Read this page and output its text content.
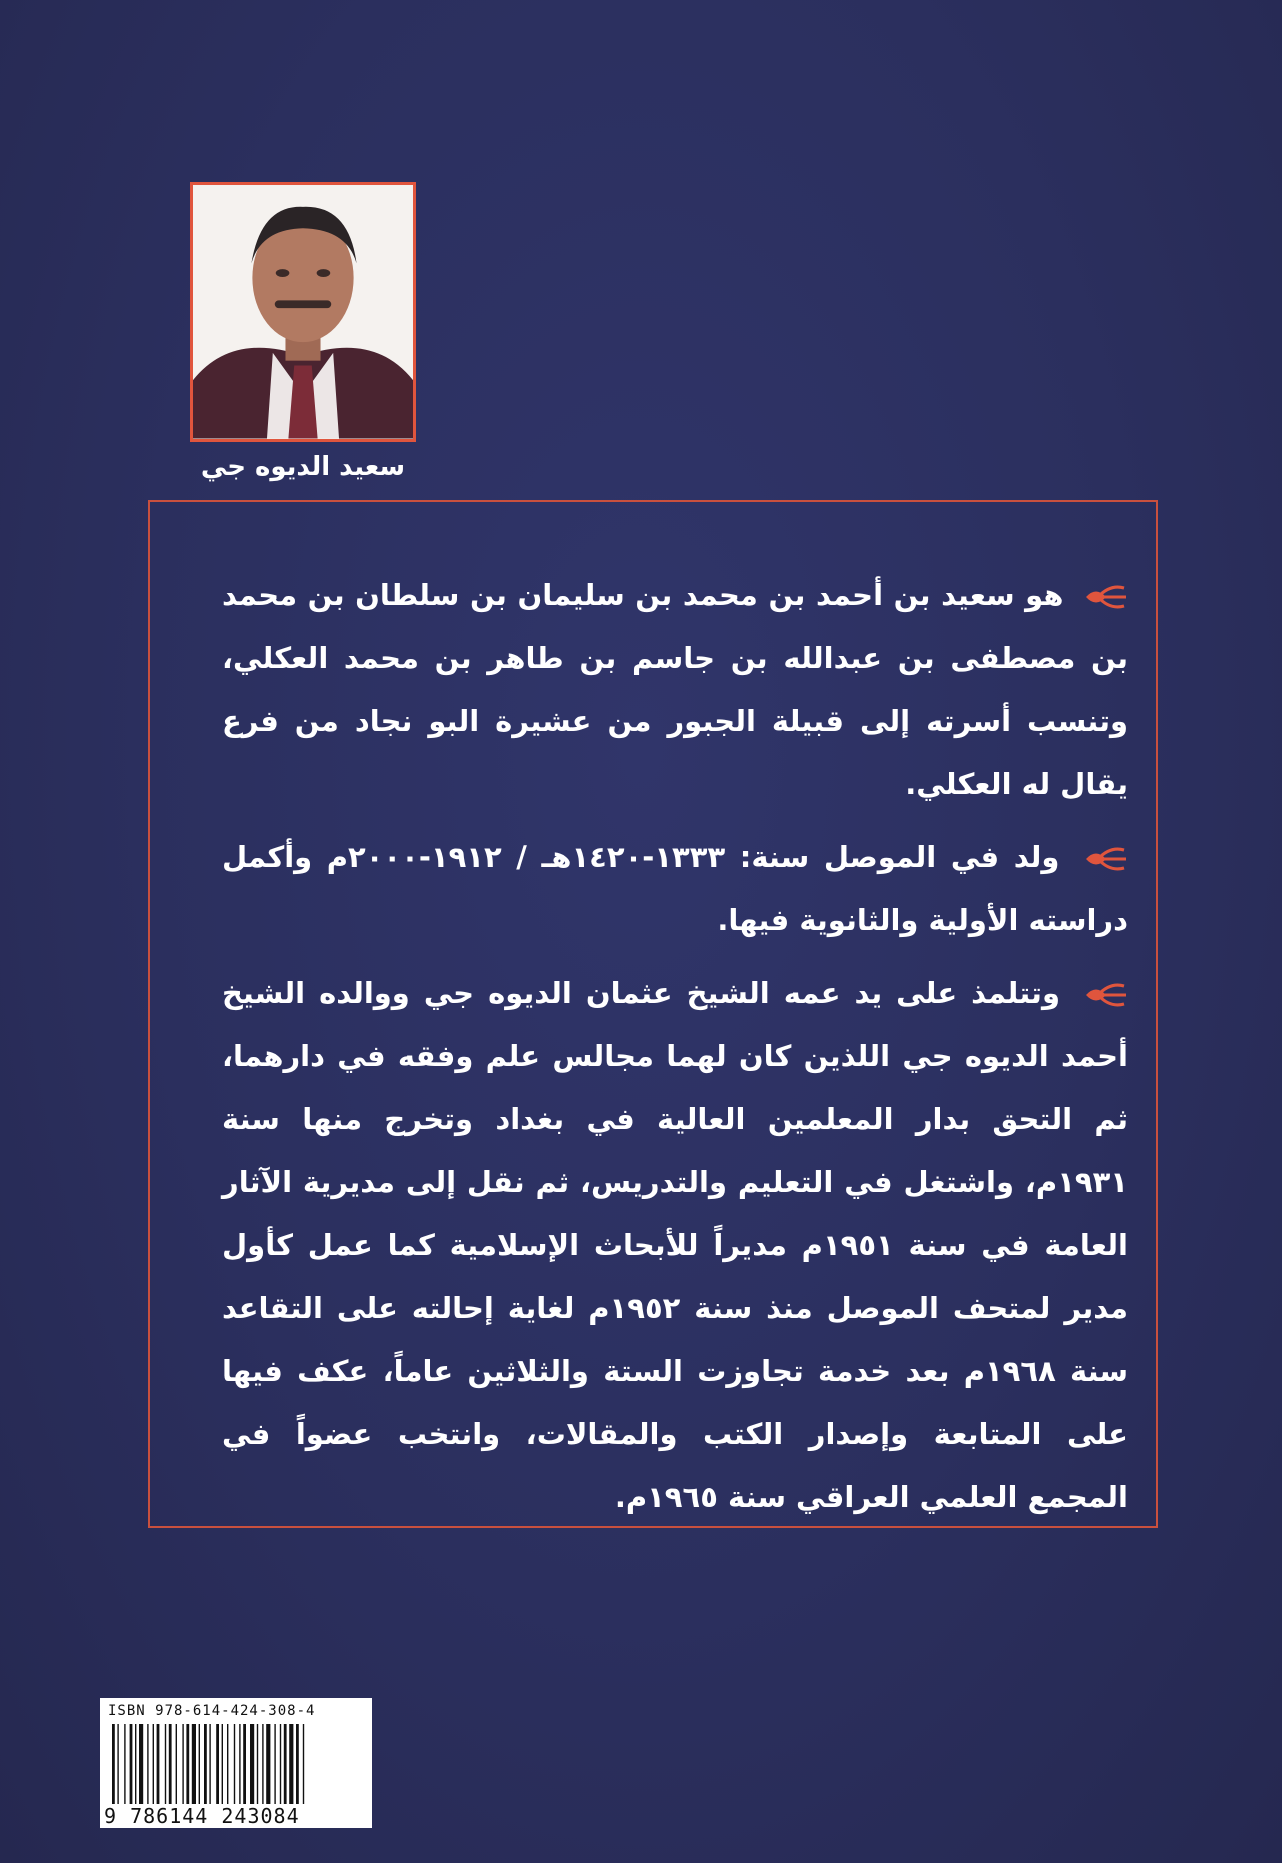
سعيد الديوه جي

هو سعيد بن أحمد بن محمد بن سليمان بن سلطان بن محمد بن مصطفى بن عبدالله بن جاسم بن طاهر بن محمد العكلي، وتنسب أسرته إلى قبيلة الجبور من عشيرة البو نجاد من فرع يقال له العكلي.

ولد في الموصل سنة: ١٣٣٣-١٤٢٠هـ / ١٩١٢-٢٠٠٠م وأكمل دراسته الأولية والثانوية فيها.

وتتلمذ على يد عمه الشيخ عثمان الديوه جي ووالده الشيخ أحمد الديوه جي اللذين كان لهما مجالس علم وفقه في دارهما، ثم التحق بدار المعلمين العالية في بغداد وتخرج منها سنة ١٩٣١م، واشتغل في التعليم والتدريس، ثم نقل إلى مديرية الآثار العامة في سنة ١٩٥١م مديراً للأبحاث الإسلامية كما عمل كأول مدير لمتحف الموصل منذ سنة ١٩٥٢م لغاية إحالته على التقاعد سنة ١٩٦٨م بعد خدمة تجاوزت الستة والثلاثين عاماً، عكف فيها على المتابعة وإصدار الكتب والمقالات، وانتخب عضواً في المجمع العلمي العراقي سنة ١٩٦٥م.

ISBN 978-614-424-308-4
9 786144 243084
